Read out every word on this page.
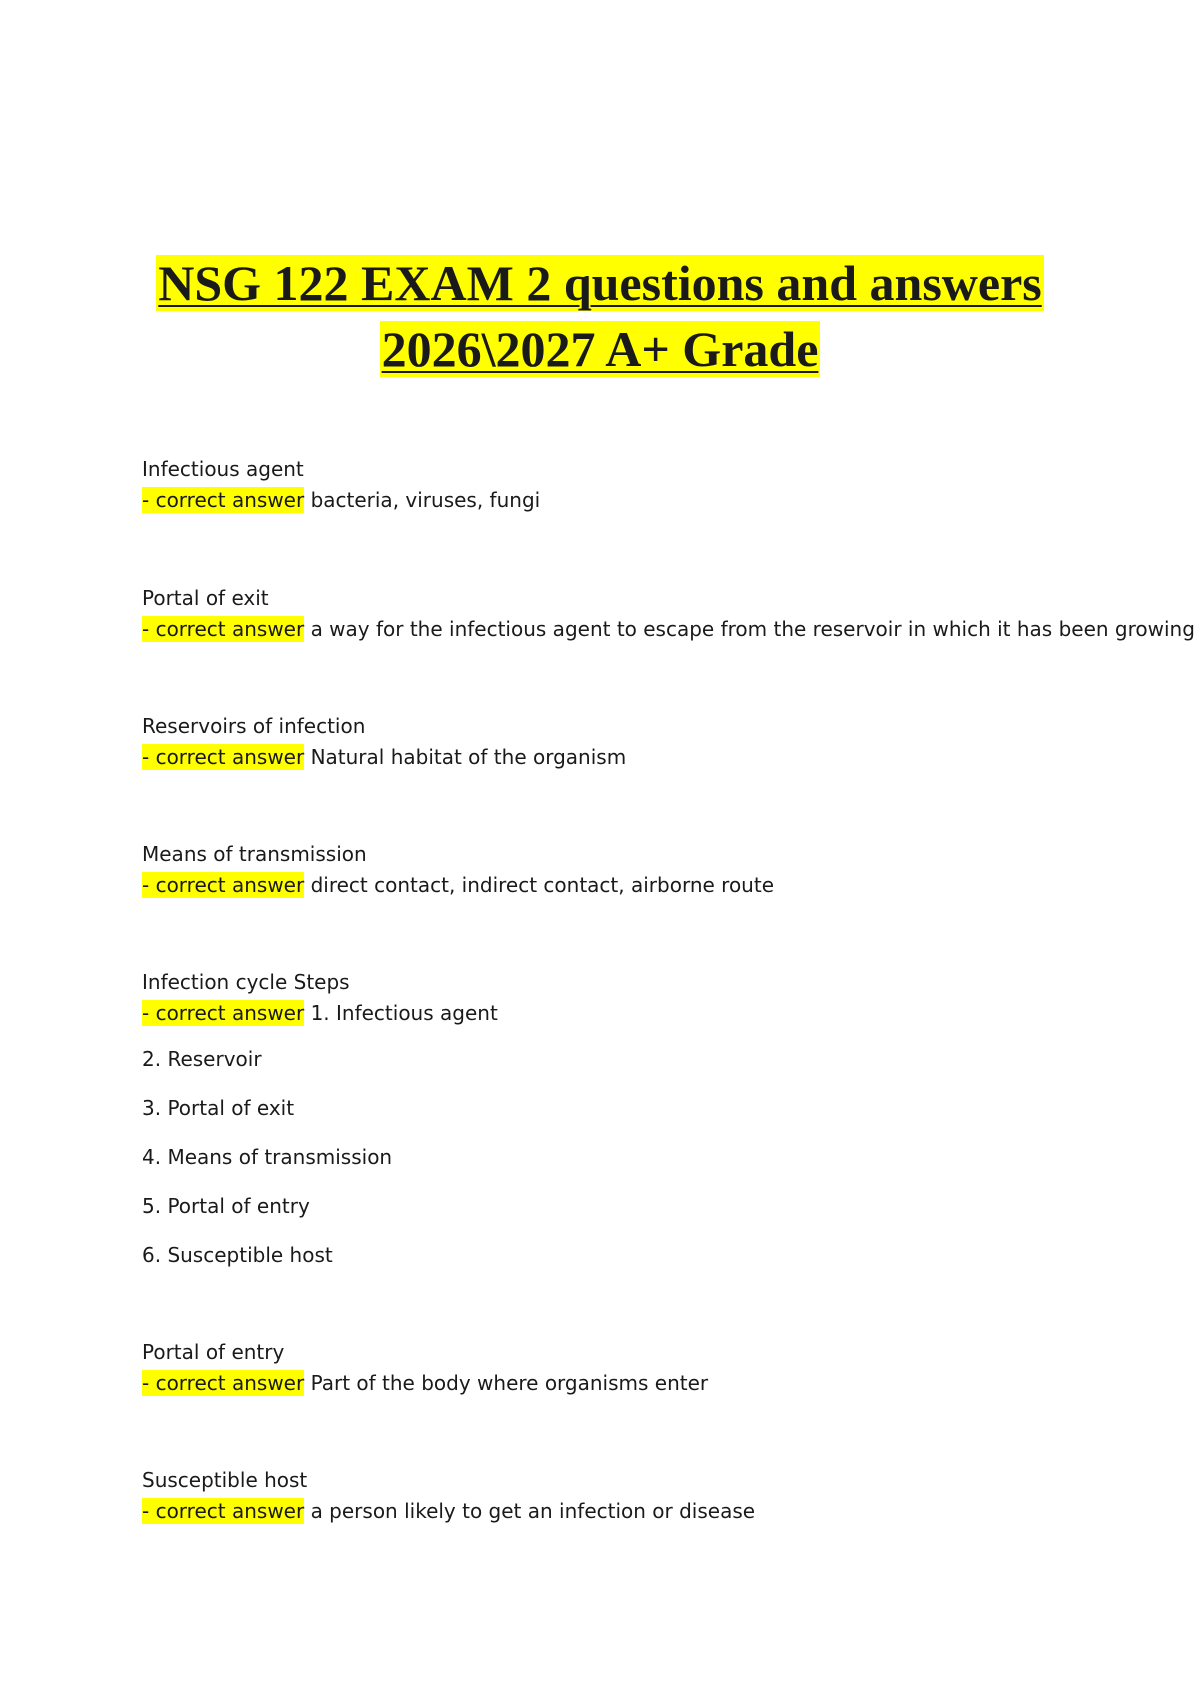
NSG 122 EXAM 2 questions and answers
2026\2027 A+ Grade
Infectious agent
- correct answer bacteria, viruses, fungi
Portal of exit
- correct answer a way for the infectious agent to escape from the reservoir in which it has been growing
Reservoirs of infection
- correct answer Natural habitat of the organism
Means of transmission
- correct answer direct contact, indirect contact, airborne route
Infection cycle Steps
- correct answer 1. Infectious agent
2. Reservoir
3. Portal of exit
4. Means of transmission
5. Portal of entry
6. Susceptible host
Portal of entry
- correct answer Part of the body where organisms enter
Susceptible host
- correct answer a person likely to get an infection or disease
